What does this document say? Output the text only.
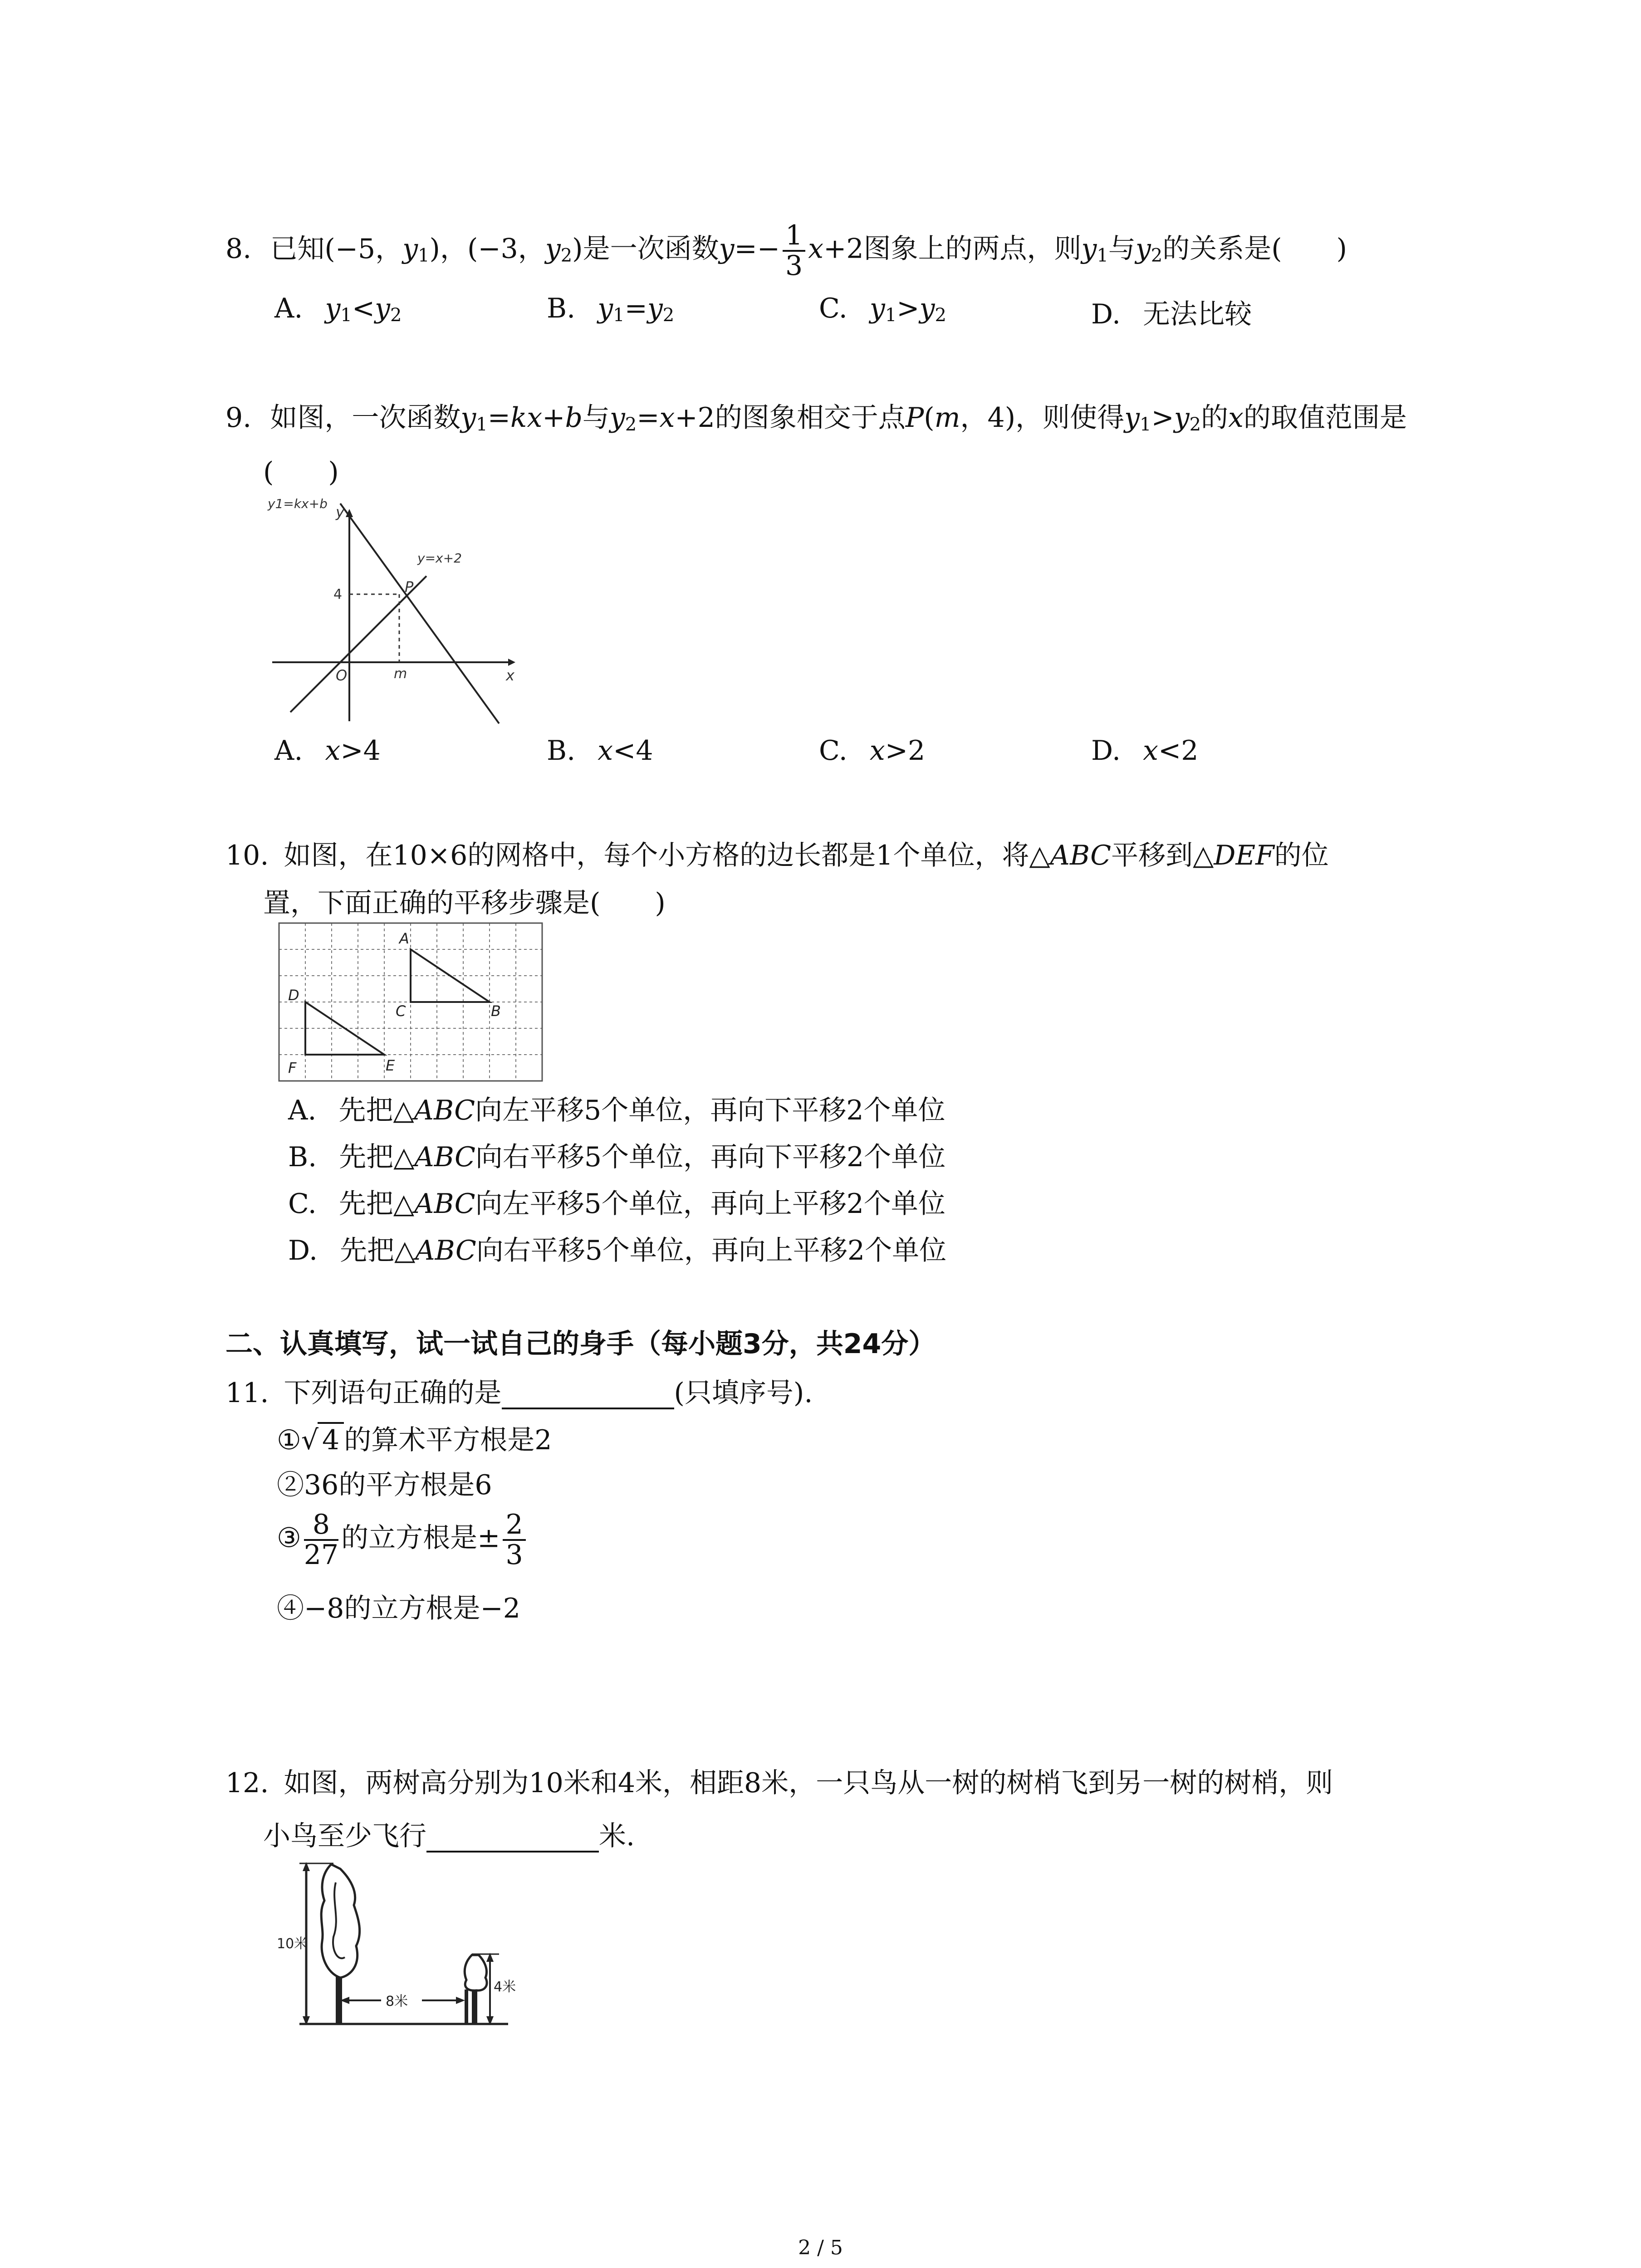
8. 已知(−5，$y_1$)，(−3，$y_2$)是一次函数$y=- \frac{1}{3} x+2$图象上的两点，则$y_1$与$y_2$的关系是(　　)
A. $y_1<y_2$	B. $y_1=y_2$	C. $y_1>y_2$	D. 无法比较
9. 如图，一次函数$y_1=kx+b$与$y_2=x+2$的图象相交于点P(m，4)，则使得$y_1>y_2$的x的取值范围是
(　　)
y1=kx+b
y=x+2
y
x
O
4	P
m
A. x>4	B. x<4	C. x>2	D. x<2
10. 如图，在10×6的网格中，每个小方格的边长都是1个单位，将△ABC平移到△DEF的位
置，下面正确的平移步骤是(　　)
A
B
C
D
E
F
A. 先把△ABC向左平移5个单位，再向下平移2个单位
B. 先把△ABC向右平移5个单位，再向下平移2个单位
C. 先把△ABC向左平移5个单位，再向上平移2个单位
D. 先把△ABC向右平移5个单位，再向上平移2个单位
二、认真填写，试一试自己的身手（每小题3分，共24分）
11. 下列语句正确的是	(只填序号).
①√ 4 的算术平方根是2
②36的平方根是6
③ $\frac{8}{27}$ 的立方根是± $\frac{2}{3}$
④−8的立方根是−2
12. 如图，两树高分别为10米和4米，相距8米，一只鸟从一树的树梢飞到另一树的树梢，则
小鸟至少飞行	米.
10米
8米
4米
2 / 5
